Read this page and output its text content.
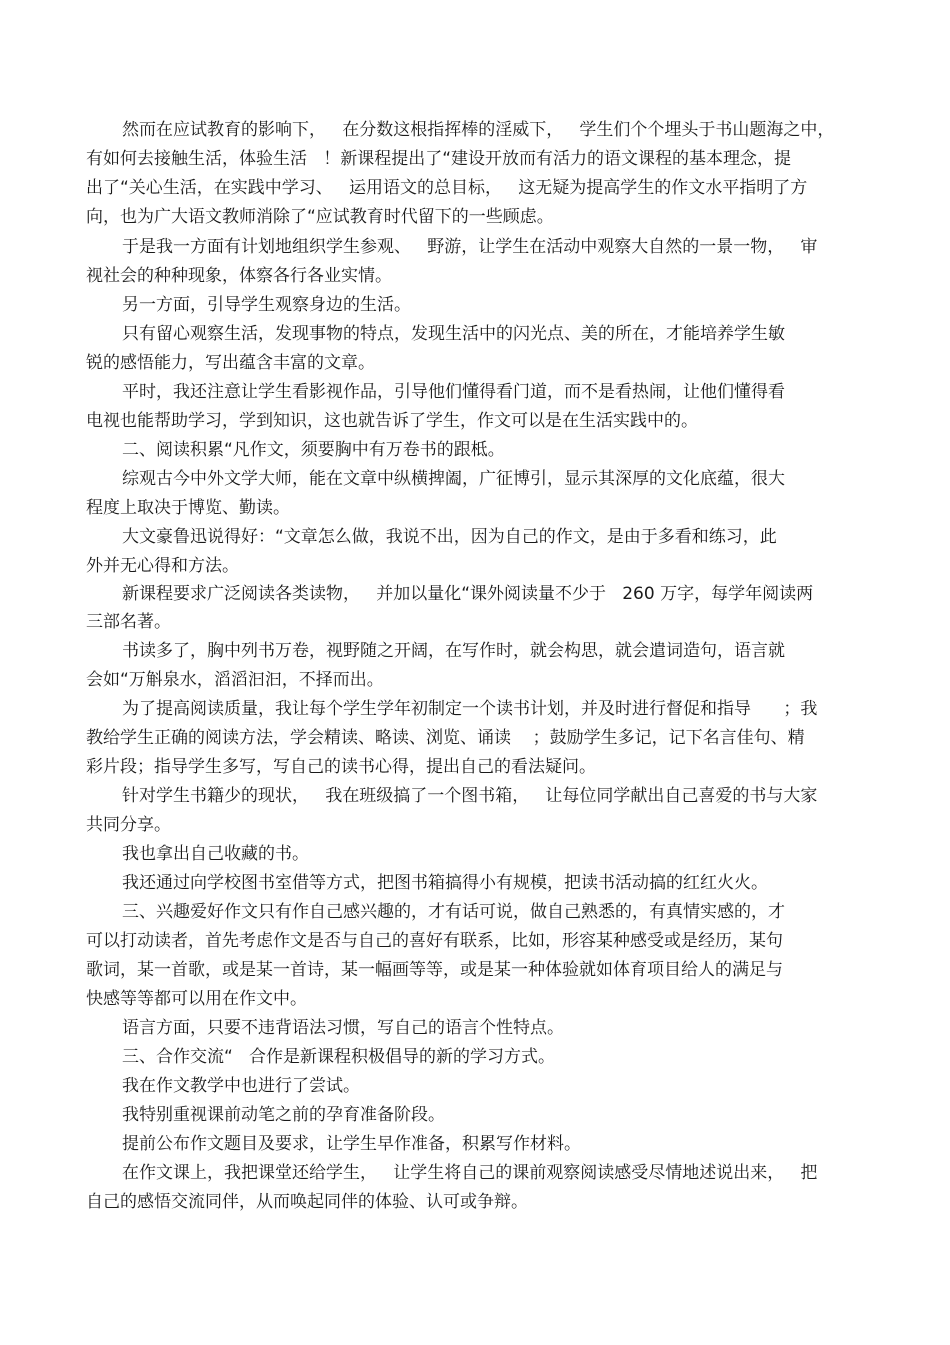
然而在应试教育的影响下，   在分数这根指挥棒的淫威下，   学生们个个埋头于书山题海之中，
有如何去接触生活，体验生活   ！新课程提出了“建设开放而有活力的语文课程的基本理念，提
出了“关心生活，在实践中学习、   运用语文的总目标，   这无疑为提高学生的作文水平指明了方
向，也为广大语文教师消除了“应试教育时代留下的一些顾虑。
于是我一方面有计划地组织学生参观、   野游，让学生在活动中观察大自然的一景一物，   审
视社会的种种现象，体察各行各业实情。
另一方面，引导学生观察身边的生活。
只有留心观察生活，发现事物的特点，发现生活中的闪光点、美的所在，才能培养学生敏
锐的感悟能力，写出蕴含丰富的文章。
平时，我还注意让学生看影视作品，引导他们懂得看门道，而不是看热闹，让他们懂得看
电视也能帮助学习，学到知识，这也就告诉了学生，作文可以是在生活实践中的。
二、阅读积累“凡作文，须要胸中有万卷书的跟柢。
综观古今中外文学大师，能在文章中纵横捭阖，广征博引，显示其深厚的文化底蕴，很大
程度上取决于博览、勤读。
大文豪鲁迅说得好：“文章怎么做，我说不出，因为自己的作文，是由于多看和练习，此
外并无心得和方法。
新课程要求广泛阅读各类读物，   并加以量化“课外阅读量不少于   260 万字，每学年阅读两
三部名著。
书读多了，胸中列书万卷，视野随之开阔，在写作时，就会构思，就会遣词造句，语言就
会如“万斛泉水，滔滔汩汩，不择而出。
为了提高阅读质量，我让每个学生学年初制定一个读书计划，并及时进行督促和指导      ；我
教给学生正确的阅读方法，学会精读、略读、浏览、诵读    ；鼓励学生多记，记下名言佳句、精
彩片段；指导学生多写，写自己的读书心得，提出自己的看法疑问。
针对学生书籍少的现状，   我在班级搞了一个图书箱，   让每位同学献出自己喜爱的书与大家
共同分享。
我也拿出自己收藏的书。
我还通过向学校图书室借等方式，把图书箱搞得小有规模，把读书活动搞的红红火火。
三、兴趣爱好作文只有作自己感兴趣的，才有话可说，做自己熟悉的，有真情实感的，才
可以打动读者，首先考虑作文是否与自己的喜好有联系，比如，形容某种感受或是经历，某句
歌词，某一首歌，或是某一首诗，某一幅画等等，或是某一种体验就如体育项目给人的满足与
快感等等都可以用在作文中。
语言方面，只要不违背语法习惯，写自己的语言个性特点。
三、合作交流“   合作是新课程积极倡导的新的学习方式。
我在作文教学中也进行了尝试。
我特别重视课前动笔之前的孕育准备阶段。
提前公布作文题目及要求，让学生早作准备，积累写作材料。
在作文课上，我把课堂还给学生，   让学生将自己的课前观察阅读感受尽情地述说出来，   把
自己的感悟交流同伴，从而唤起同伴的体验、认可或争辩。
